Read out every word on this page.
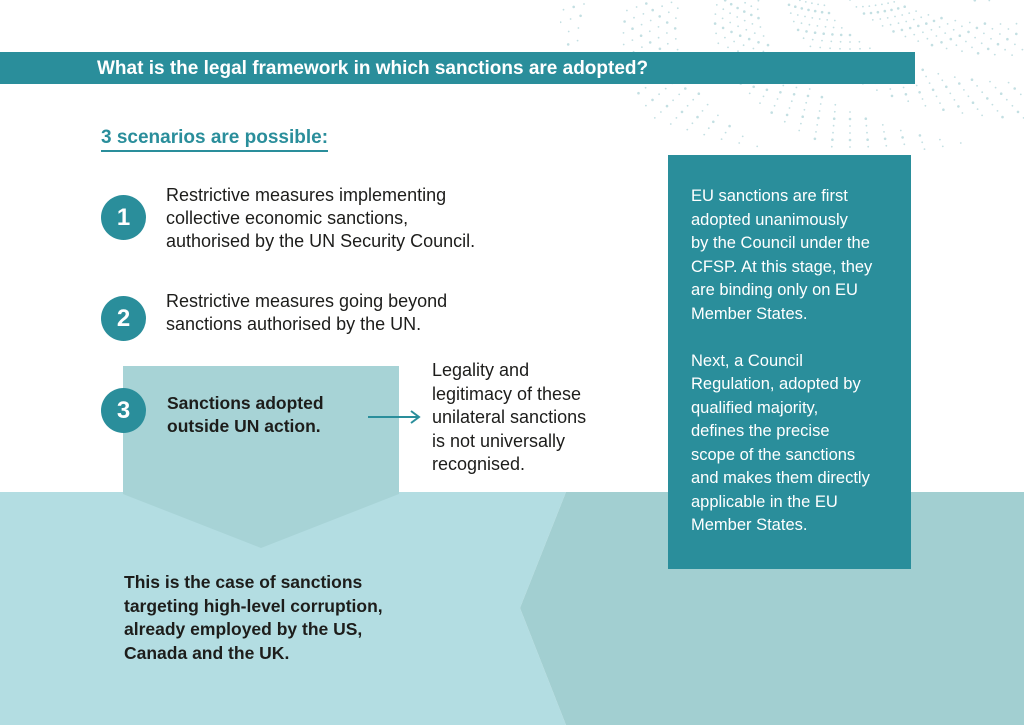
What is the legal framework in which sanctions are adopted?
3 scenarios are possible:
1
Restrictive measures implementing
collective economic sanctions,
authorised by the UN Security Council.
2
Restrictive measures going beyond
sanctions authorised by the UN.
3	Sanctions adopted
outside UN action.
Legality and
legitimacy of these
unilateral sanctions
is not universally
recognised.

EU sanctions are first
adopted unanimously
by the Council under the
CFSP. At this stage, they
are binding only on EU
Member States.

Next, a Council
Regulation, adopted by
qualified majority,
defines the precise
scope of the sanctions
and makes them directly
applicable in the EU
Member States.

This is the case of sanctions
targeting high-level corruption,
already employed by the US,
Canada and the UK.
